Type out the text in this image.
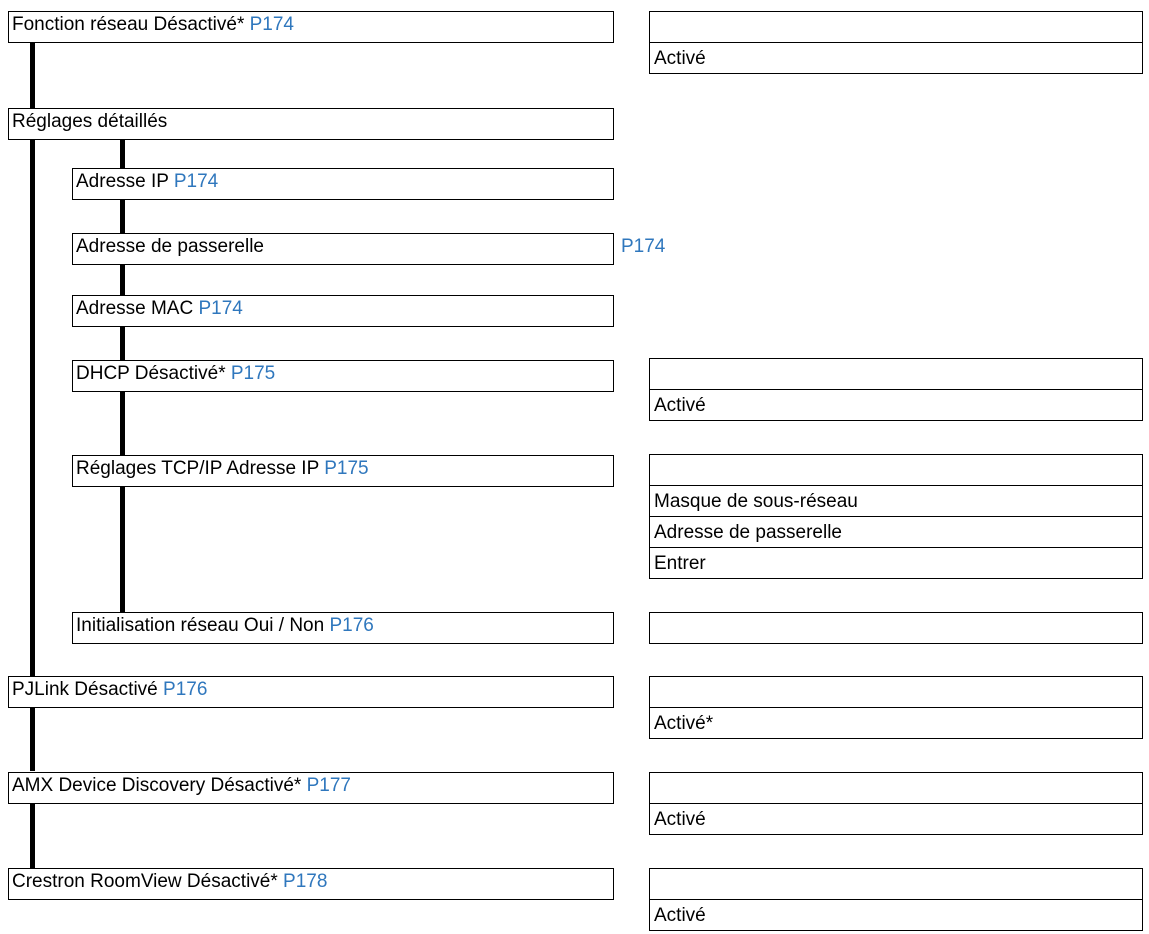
Fonction réseau Désactivé* P174
Réglages détaillés
Adresse IP P174
Adresse de passerelle	P174
Adresse MAC P174
DHCP Désactivé* P175
Réglages TCP/IP Adresse IP P175
Initialisation réseau Oui / Non P176
PJLink Désactivé P176
AMX Device Discovery Désactivé* P177
Crestron RoomView Désactivé* P178
Activé
Activé
Masque de sous-réseau
Adresse de passerelle
Entrer
Activé*
Activé
Activé
